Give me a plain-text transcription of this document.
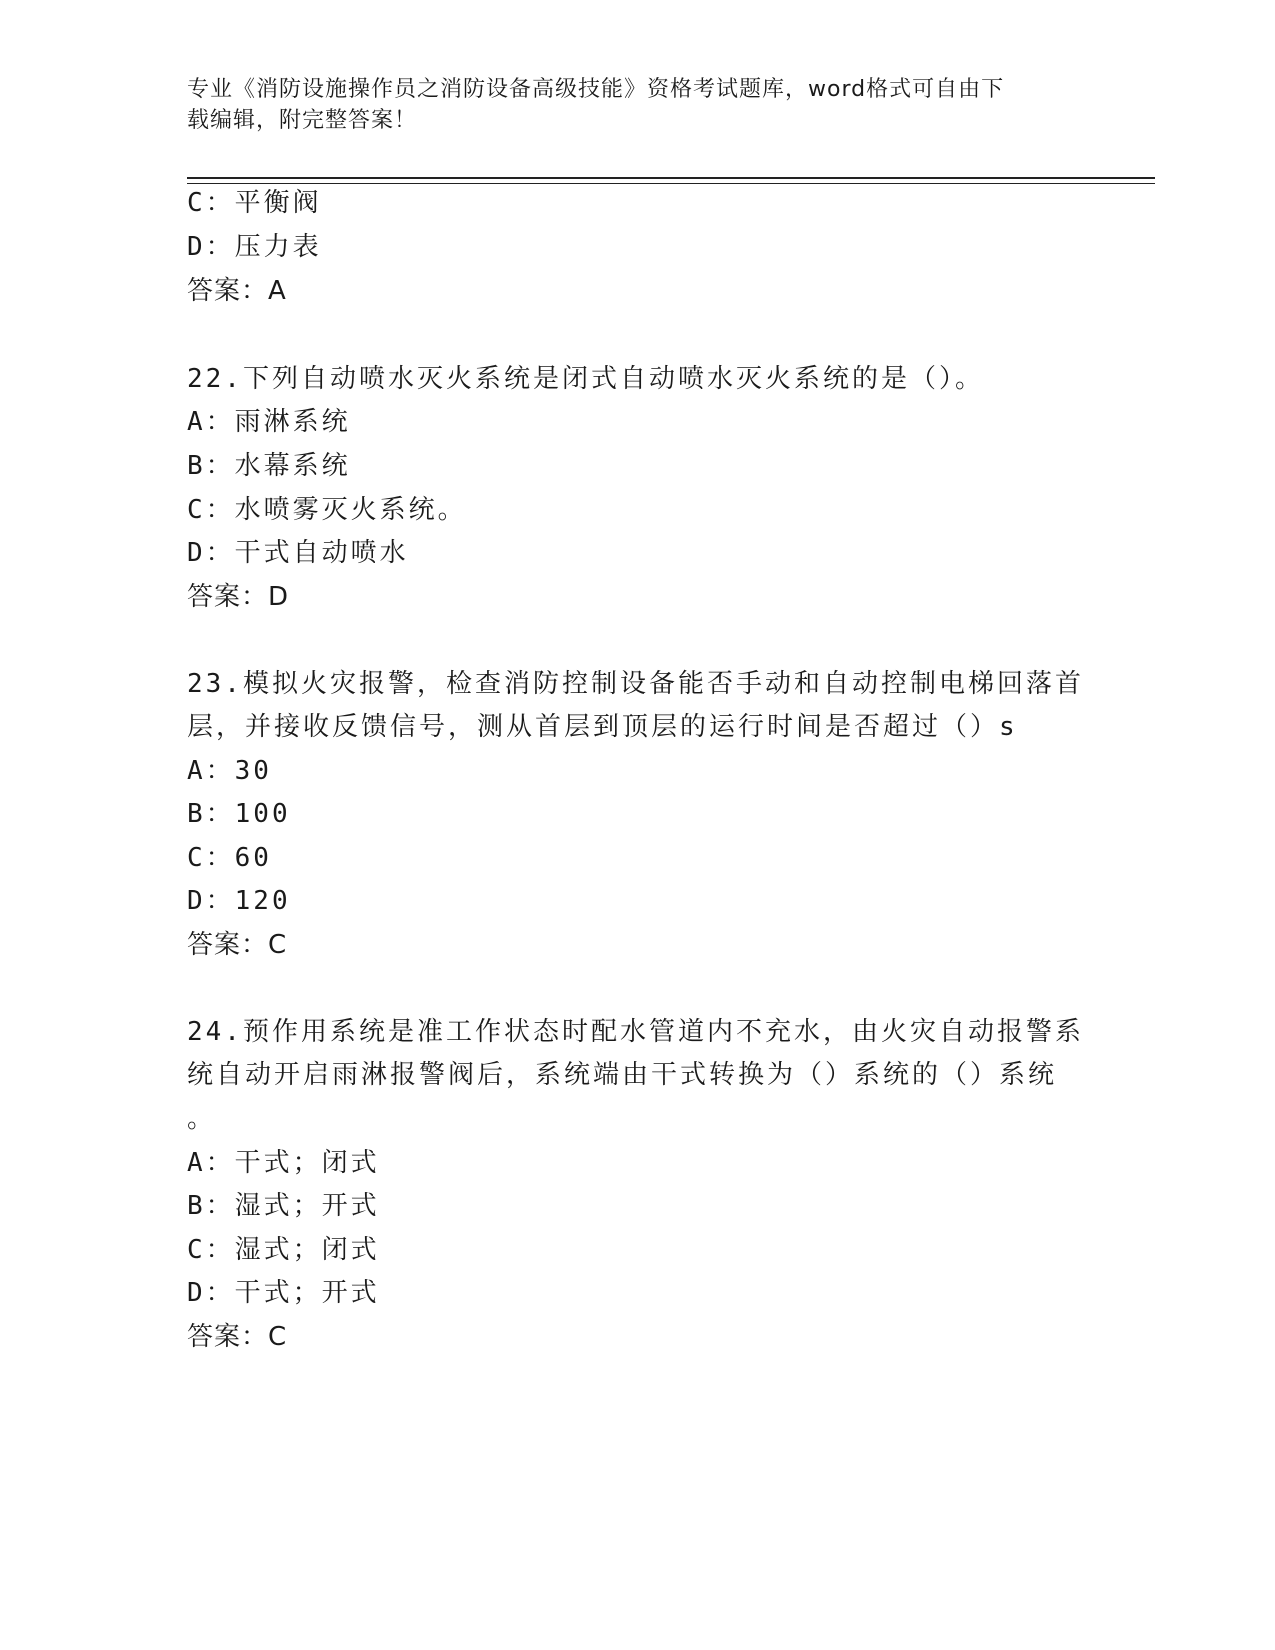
专业《消防设施操作员之消防设备高级技能》资格考试题库，word格式可自由下
载编辑，附完整答案！
C：平衡阀
D：压力表
答案：A
22.下列自动喷水灭火系统是闭式自动喷水灭火系统的是（）。
A：雨淋系统
B：水幕系统
C：水喷雾灭火系统。
D：干式自动喷水
答案：D
23.模拟火灾报警，检查消防控制设备能否手动和自动控制电梯回落首
层，并接收反馈信号，测从首层到顶层的运行时间是否超过（）s
A：30
B：100
C：60
D：120
答案：C
24.预作用系统是准工作状态时配水管道内不充水，由火灾自动报警系
统自动开启雨淋报警阀后，系统端由干式转换为（）系统的（）系统
。
A：干式；闭式
B：湿式；开式
C：湿式；闭式
D：干式；开式
答案：C
